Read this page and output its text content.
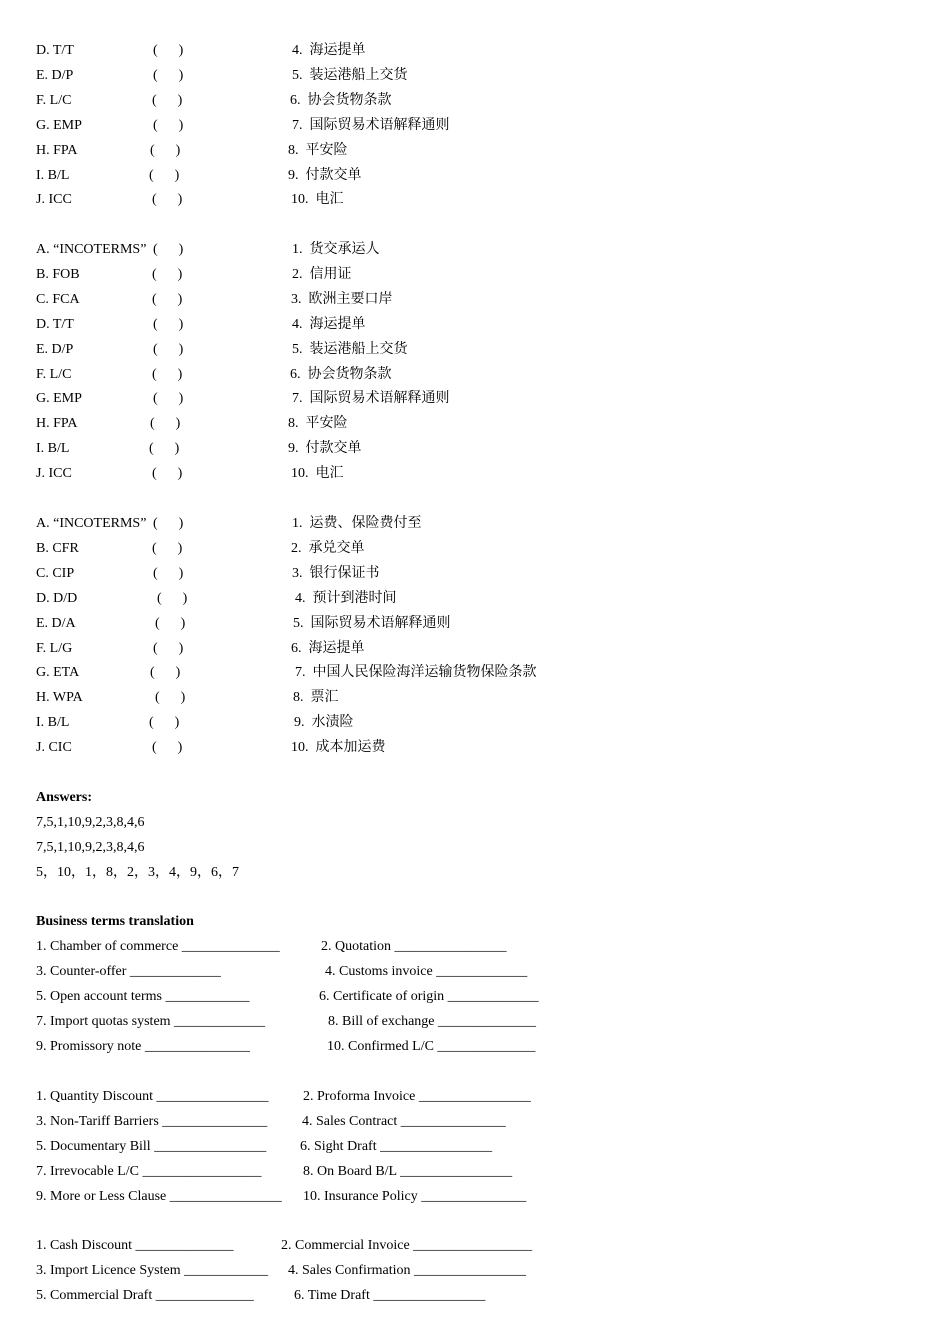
D. T/T	(      )	4.  海运提单
E. D/P	(      )	5.  装运港船上交货
F. L/C	(      )	6.  协会货物条款
G. EMP	(      )	7.  国际贸易术语解释通则
H. FPA	(      )	8.  平安险
I. B/L	(      )	9.  付款交单
J. ICC	(      )	10.  电汇
A. “INCOTERMS” (      )	1.  货交承运人
B. FOB	(      )	2.  信用证
C. FCA	(      )	3.  欧洲主要口岸
D. T/T	(      )	4.  海运提单
E. D/P	(      )	5.  装运港船上交货
F. L/C	(      )	6.  协会货物条款
G. EMP	(      )	7.  国际贸易术语解释通则
H. FPA	(      )	8.  平安险
I. B/L	(      )	9.  付款交单
J. ICC	(      )	10.  电汇
A. “INCOTERMS” (      )	1.  运费、保险费付至
B. CFR	(      )	2.  承兑交单
C. CIP	(      )	3.  银行保证书
D. D/D	(      )	4.  预计到港时间
E. D/A	(      )	5.  国际贸易术语解释通则
F. L/G	(      )	6.  海运提单
G. ETA	(      )	7.  中国人民保险海洋运输货物保险条款
H. WPA	(      )	8.  票汇
I. B/L	(      )	9.  水渍险
J. CIC	(      )	10.  成本加运费
Answers:
7,5,1,10,9,2,3,8,4,6
7,5,1,10,9,2,3,8,4,6
5，10，1，8，2，3，4，9，6，7
Business terms translation
1. Chamber of commerce ______________	2. Quotation ________________
3. Counter-offer _____________	4. Customs invoice _____________
5. Open account terms ____________	6. Certificate of origin _____________
7. Import quotas system _____________	8. Bill of exchange ______________
9. Promissory note _______________	10. Confirmed L/C ______________
1. Quantity Discount ________________ 2. Proforma Invoice ________________
3. Non-Tariff Barriers _______________ 4. Sales Contract _______________
5. Documentary Bill ________________ 6. Sight Draft ________________
7. Irrevocable L/C _________________	8. On Board B/L ________________
9. More or Less Clause ________________ 10. Insurance Policy _______________
1. Cash Discount ______________	2. Commercial Invoice _________________
3. Import Licence System ____________ 4. Sales Confirmation ________________
5. Commercial Draft ______________	6. Time Draft ________________
